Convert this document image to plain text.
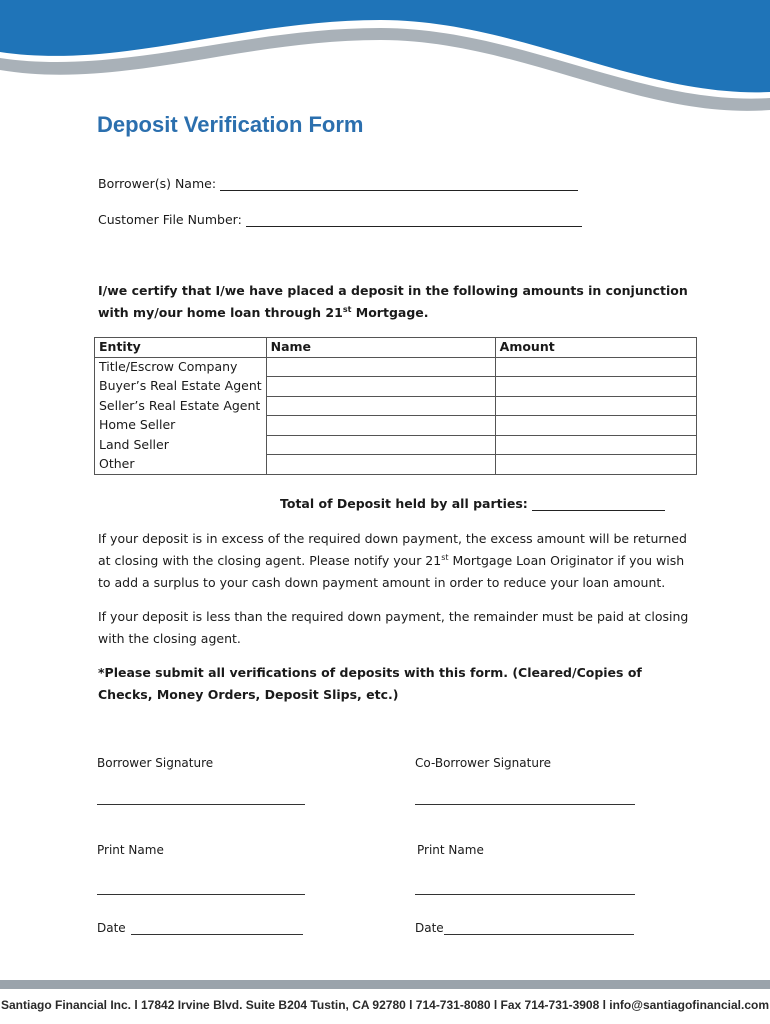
Deposit Verification Form
Borrower(s) Name:
Customer File Number:

I/we certify that I/we have placed a deposit in the following amounts in conjunction with my/our home loan through 21st Mortgage.

Entity	Name	Amount
Title/Escrow Company		
Buyer’s Real Estate Agent		
Seller’s Real Estate Agent		
Home Seller		
Land Seller		
Other		
Total of Deposit held by all parties:

If your deposit is in excess of the required down payment, the excess amount will be returned at closing with the closing agent. Please notify your 21st Mortgage Loan Originator if you wish to add a surplus to your cash down payment amount in order to reduce your loan amount.

If your deposit is less than the required down payment, the remainder must be paid at closing with the closing agent.

*Please submit all verifications of deposits with this form. (Cleared/Copies of Checks, Money Orders, Deposit Slips, etc.)

Borrower Signature	Co-Borrower Signature
Print Name	Print Name
Date	Date
Santiago Financial Inc. l 17842 Irvine Blvd. Suite B204 Tustin, CA 92780 l 714-731-8080 l Fax 714-731-3908 l info@santiagofinancial.com
